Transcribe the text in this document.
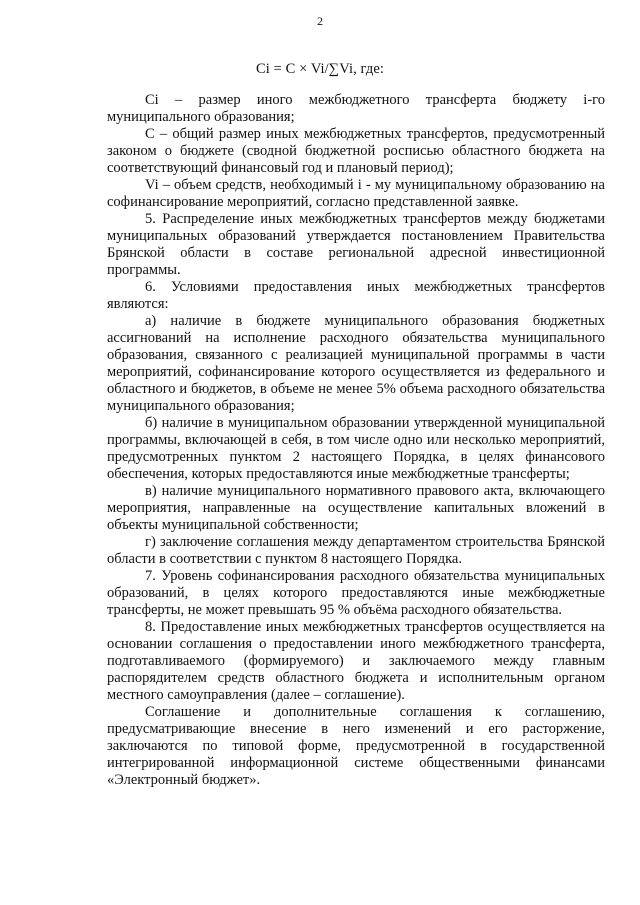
2
Ci = C × Vi/∑Vi, где:

Ci – размер иного межбюджетного трансферта бюджету i-го муниципального образования;

C – общий размер иных межбюджетных трансфертов, предусмотренный законом о бюджете (сводной бюджетной росписью областного бюджета на соответствующий финансовый год и плановый период);

Vi – объем средств, необходимый i - му муниципальному образованию на софинансирование мероприятий, согласно представленной заявке.

5. Распределение иных межбюджетных трансфертов между бюджетами муниципальных образований утверждается постановлением Правительства Брянской области в составе региональной адресной инвестиционной программы.

6. Условиями предоставления иных межбюджетных трансфертов являются:

а) наличие в бюджете муниципального образования бюджетных ассигнований на исполнение расходного обязательства муниципального образования, связанного с реализацией муниципальной программы в части мероприятий, софинансирование которого осуществляется из федерального и областного и бюджетов, в объеме не менее 5% объема расходного обязательства муниципального образования;

б) наличие в муниципальном образовании утвержденной муниципальной программы, включающей в себя, в том числе одно или несколько мероприятий, предусмотренных пунктом 2 настоящего Порядка, в целях финансового обеспечения, которых предоставляются иные межбюджетные трансферты;

в) наличие муниципального нормативного правового акта, включающего мероприятия, направленные на осуществление капитальных вложений в объекты муниципальной собственности;

г) заключение соглашения между департаментом строительства Брянской области в соответствии с пунктом 8 настоящего Порядка.

7. Уровень софинансирования расходного обязательства муниципальных образований, в целях которого предоставляются иные межбюджетные трансферты, не может превышать 95 % объёма расходного обязательства.

8. Предоставление иных межбюджетных трансфертов осуществляется на основании соглашения о предоставлении иного межбюджетного трансферта, подготавливаемого (формируемого) и заключаемого между главным распорядителем средств областного бюджета и исполнительным органом местного самоуправления (далее – соглашение).

Соглашение и дополнительные соглашения к соглашению, предусматривающие внесение в него изменений и его расторжение, заключаются по типовой форме, предусмотренной в государственной интегрированной информационной системе общественными финансами «Электронный бюджет».
